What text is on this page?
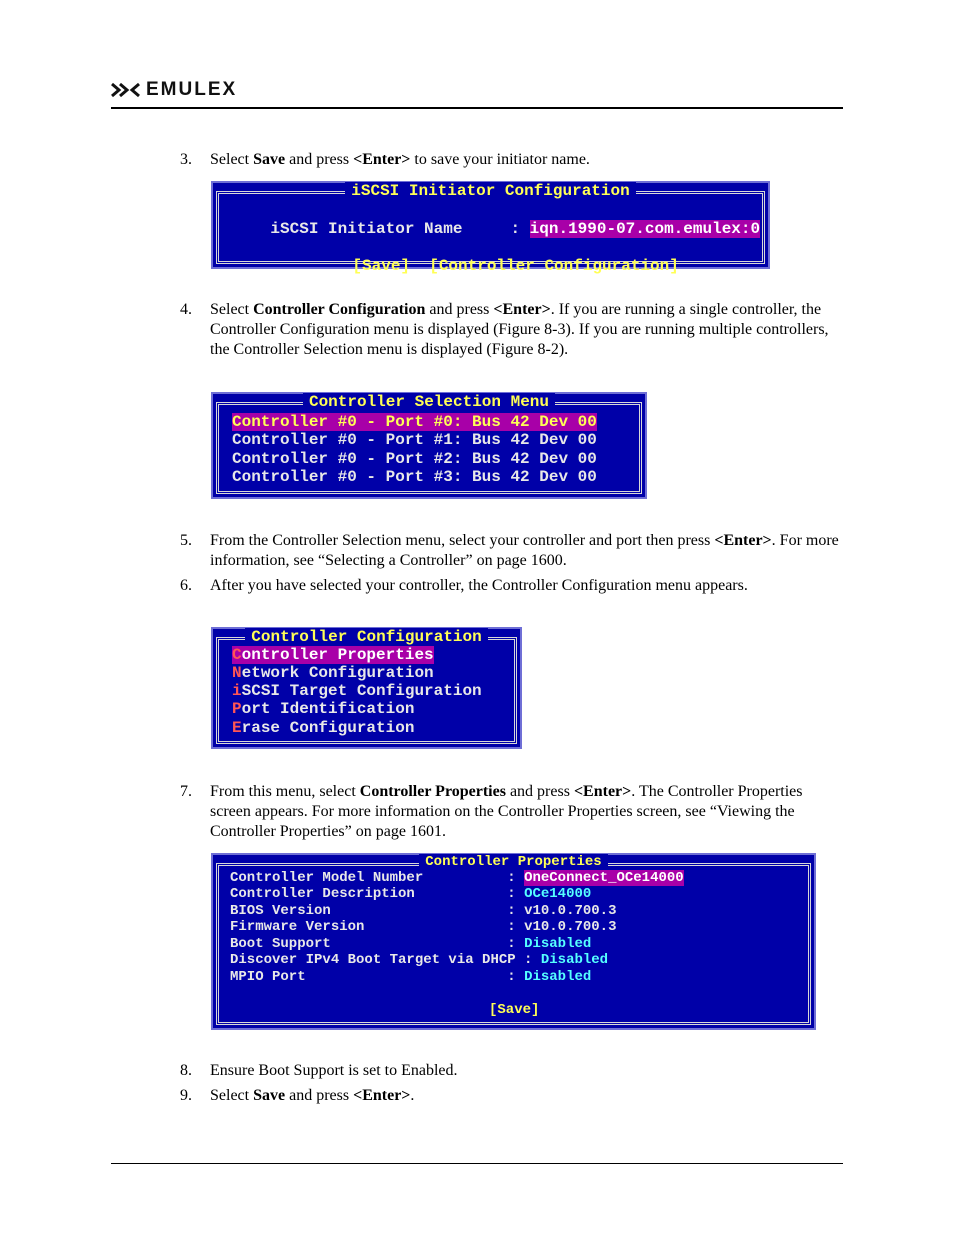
EMULEX
3. Select Save and press <Enter> to save your initiator name.
iSCSI Initiator Configuration

iSCSI Initiator Name     : iqn.1990-07.com.emulex:0

[Save] [Controller Configuration]

4. Select Controller Configuration and press <Enter>. If you are running a single controller, the Controller Configuration menu is displayed (Figure 8-3). If you are running multiple controllers, the Controller Selection menu is displayed (Figure 8-2).
Controller Selection Menu
Controller #0 - Port #0: Bus 42 Dev 00
Controller #0 - Port #1: Bus 42 Dev 00
Controller #0 - Port #2: Bus 42 Dev 00
Controller #0 - Port #3: Bus 42 Dev 00
5. From the Controller Selection menu, select your controller and port then press <Enter>. For more information, see “Selecting a Controller” on page 1600.
6. After you have selected your controller, the Controller Configuration menu appears.
Controller Configuration
Controller Properties
Network Configuration
iSCSI Target Configuration
Port Identification
Erase Configuration
7. From this menu, select Controller Properties and press <Enter>. The Controller Properties screen appears. For more information on the Controller Properties screen, see “Viewing the Controller Properties” on page 1601.
Controller Properties
Controller Model Number          : OneConnect_OCe14000
Controller Description           : OCe14000
BIOS Version                     : v10.0.700.3
Firmware Version                 : v10.0.700.3
Boot Support                     : Disabled
Discover IPv4 Boot Target via DHCP : Disabled
MPIO Port                        : Disabled
[Save]
8. Ensure Boot Support is set to Enabled.
9. Select Save and press <Enter>.
